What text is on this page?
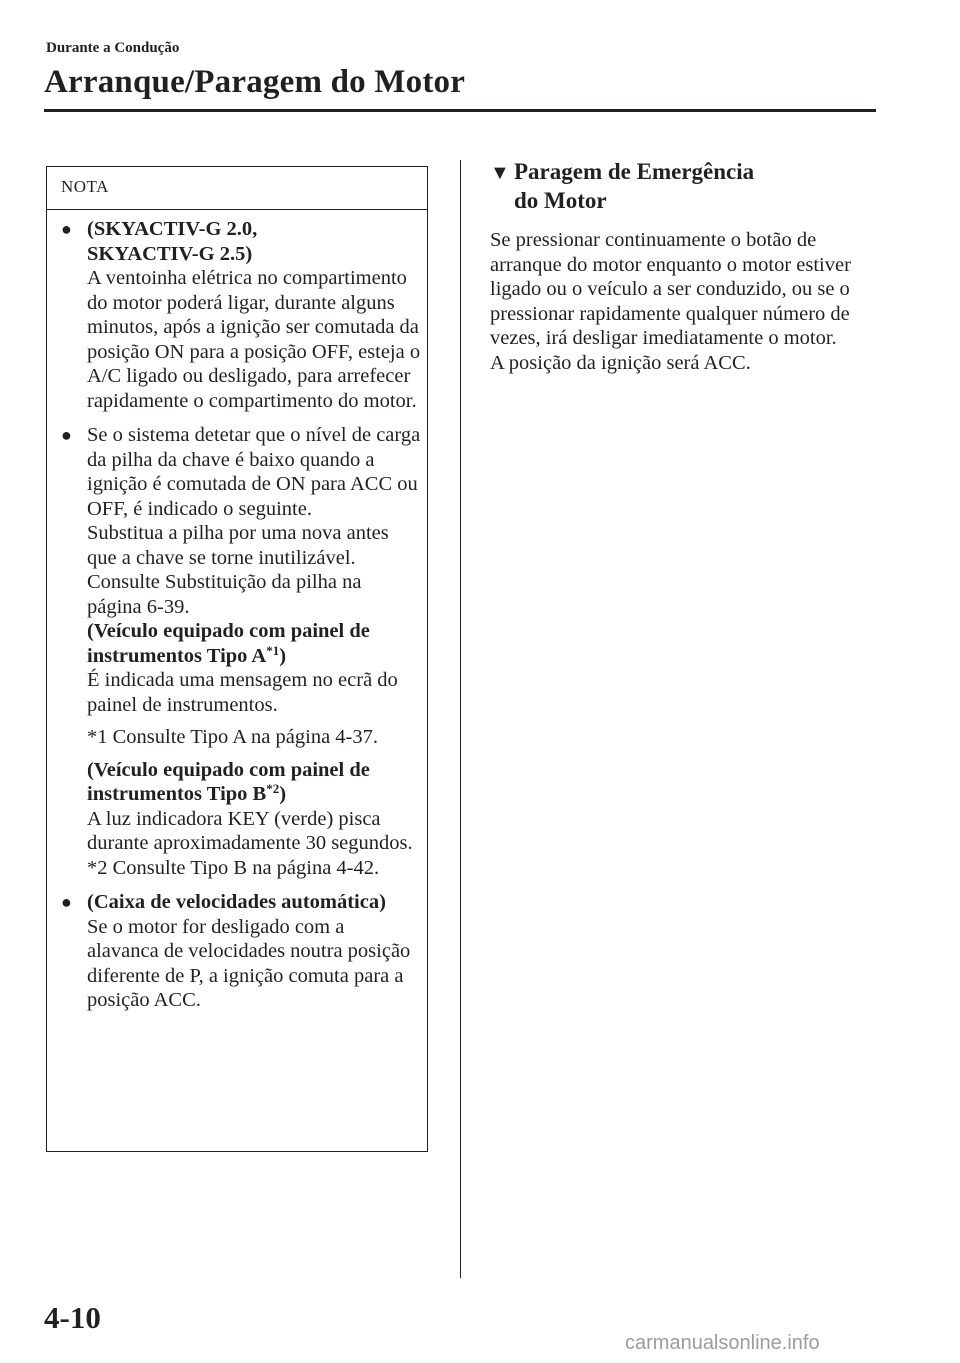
Durante a Condução
Arranque/Paragem do Motor
NOTA
● (SKYACTIV-G 2.0,

SKYACTIV-G 2.5)

A ventoinha elétrica no compartimento do motor poderá ligar, durante alguns minutos, após a ignição ser comutada da posição ON para a posição OFF, esteja o A/C ligado ou desligado, para arrefecer rapidamente o compartimento do motor.

● Se o sistema detetar que o nível de carga da pilha da chave é baixo quando a ignição é comutada de ON para ACC ou OFF, é indicado o seguinte.

Substitua a pilha por uma nova antes que a chave se torne inutilizável.

Consulte Substituição da pilha na página 6-39.

(Veículo equipado com painel de instrumentos Tipo $A^{*1}$)

É indicada uma mensagem no ecrã do painel de instrumentos.

*1 Consulte Tipo A na página 4-37.

(Veículo equipado com painel de instrumentos Tipo $B^{*2}$)

A luz indicadora KEY (verde) pisca durante aproximadamente 30 segundos.

*2 Consulte Tipo B na página 4-42.

● (Caixa de velocidades automática)

Se o motor for desligado com a alavanca de velocidades noutra posição diferente de P, a ignição comuta para a posição ACC.

▼ Paragem de Emergência
do Motor

Se pressionar continuamente o botão de arranque do motor enquanto o motor estiver ligado ou o veículo a ser conduzido, ou se o pressionar rapidamente qualquer número de vezes, irá desligar imediatamente o motor.

A posição da ignição será ACC.

4-10
carmanualsonline.info
